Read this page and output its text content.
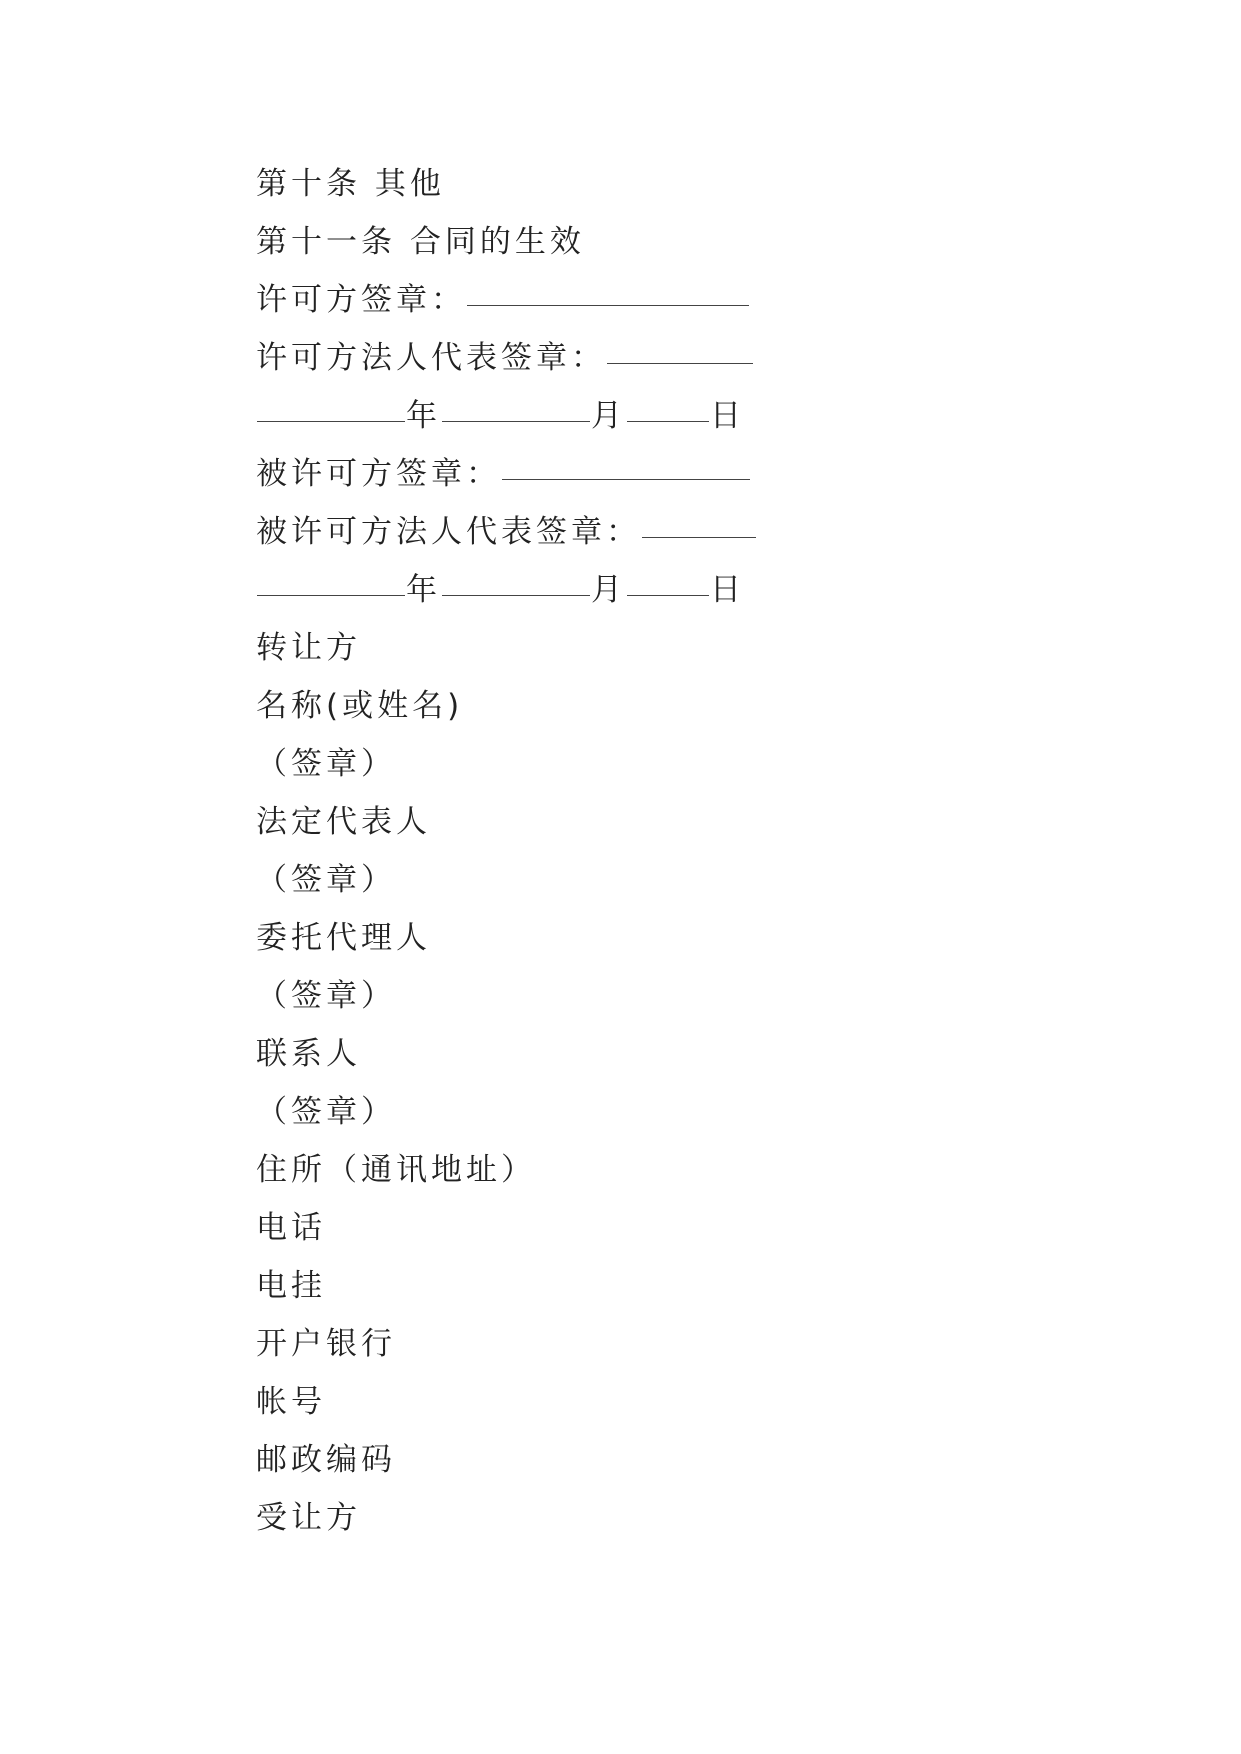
第十条 其他
第十一条 合同的生效
许可方签章：
许可方法人代表签章：
年	月	日
被许可方签章：
被许可方法人代表签章：
年	月	日
转让方
名称(或姓名)
（签章）
法定代表人
（签章）
委托代理人
（签章）
联系人
（签章）
住所（通讯地址）
电话
电挂
开户银行
帐号
邮政编码
受让方
